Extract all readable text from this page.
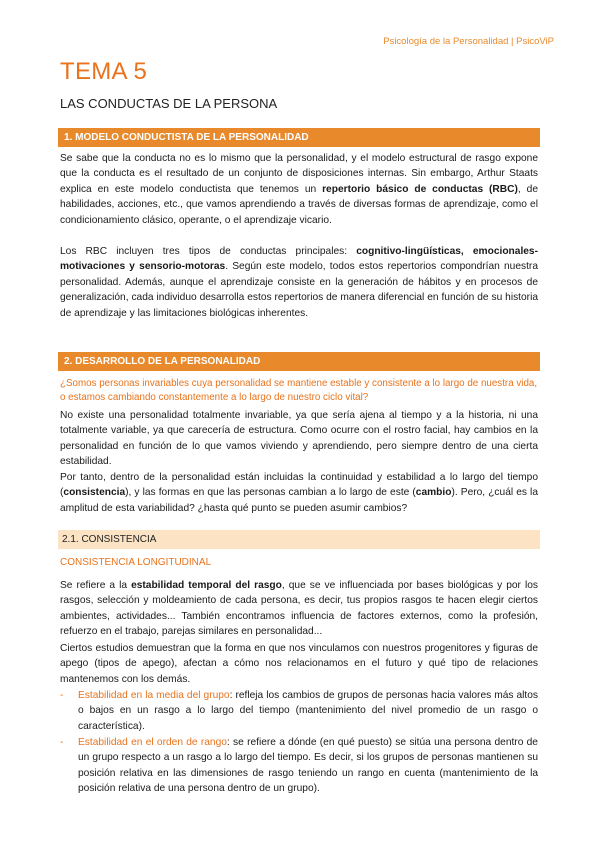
Psicología de la Personalidad | PsicoViP
TEMA 5
LAS CONDUCTAS DE LA PERSONA
1. MODELO CONDUCTISTA DE LA PERSONALIDAD

Se sabe que la conducta no es lo mismo que la personalidad, y el modelo estructural de rasgo expone que la conducta es el resultado de un conjunto de disposiciones internas. Sin embargo, Arthur Staats explica en este modelo conductista que tenemos un repertorio básico de conductas (RBC), de habilidades, acciones, etc., que vamos aprendiendo a través de diversas formas de aprendizaje, como el condicionamiento clásico, operante, o el aprendizaje vicario.

Los RBC incluyen tres tipos de conductas principales: cognitivo-lingüísticas, emocionales-motivaciones y sensorio-motoras. Según este modelo, todos estos repertorios compondrían nuestra personalidad. Además, aunque el aprendizaje consiste en la generación de hábitos y en procesos de generalización, cada individuo desarrolla estos repertorios de manera diferencial en función de su historia de aprendizaje y las limitaciones biológicas inherentes.

2. DESARROLLO DE LA PERSONALIDAD

¿Somos personas invariables cuya personalidad se mantiene estable y consistente a lo largo de nuestra vida, o estamos cambiando constantemente a lo largo de nuestro ciclo vital?

No existe una personalidad totalmente invariable, ya que sería ajena al tiempo y a la historia, ni una totalmente variable, ya que carecería de estructura. Como ocurre con el rostro facial, hay cambios en la personalidad en función de lo que vamos viviendo y aprendiendo, pero siempre dentro de una cierta estabilidad.

Por tanto, dentro de la personalidad están incluidas la continuidad y estabilidad a lo largo del tiempo (consistencia), y las formas en que las personas cambian a lo largo de este (cambio). Pero, ¿cuál es la amplitud de esta variabilidad? ¿hasta qué punto se pueden asumir cambios?

2.1. CONSISTENCIA
CONSISTENCIA LONGITUDINAL

Se refiere a la estabilidad temporal del rasgo, que se ve influenciada por bases biológicas y por los rasgos, selección y moldeamiento de cada persona, es decir, tus propios rasgos te hacen elegir ciertos ambientes, actividades... También encontramos influencia de factores externos, como la profesión, refuerzo en el trabajo, parejas similares en personalidad...

Ciertos estudios demuestran que la forma en que nos vinculamos con nuestros progenitores y figuras de apego (tipos de apego), afectan a cómo nos relacionamos en el futuro y qué tipo de relaciones mantenemos con los demás.

- Estabilidad en la media del grupo: refleja los cambios de grupos de personas hacia valores más altos o bajos en un rasgo a lo largo del tiempo (mantenimiento del nivel promedio de un rasgo o característica).
- Estabilidad en el orden de rango: se refiere a dónde (en qué puesto) se sitúa una persona dentro de un grupo respecto a un rasgo a lo largo del tiempo. Es decir, si los grupos de personas mantienen su posición relativa en las dimensiones de rasgo teniendo un rango en cuenta (mantenimiento de la posición relativa de una persona dentro de un grupo).
